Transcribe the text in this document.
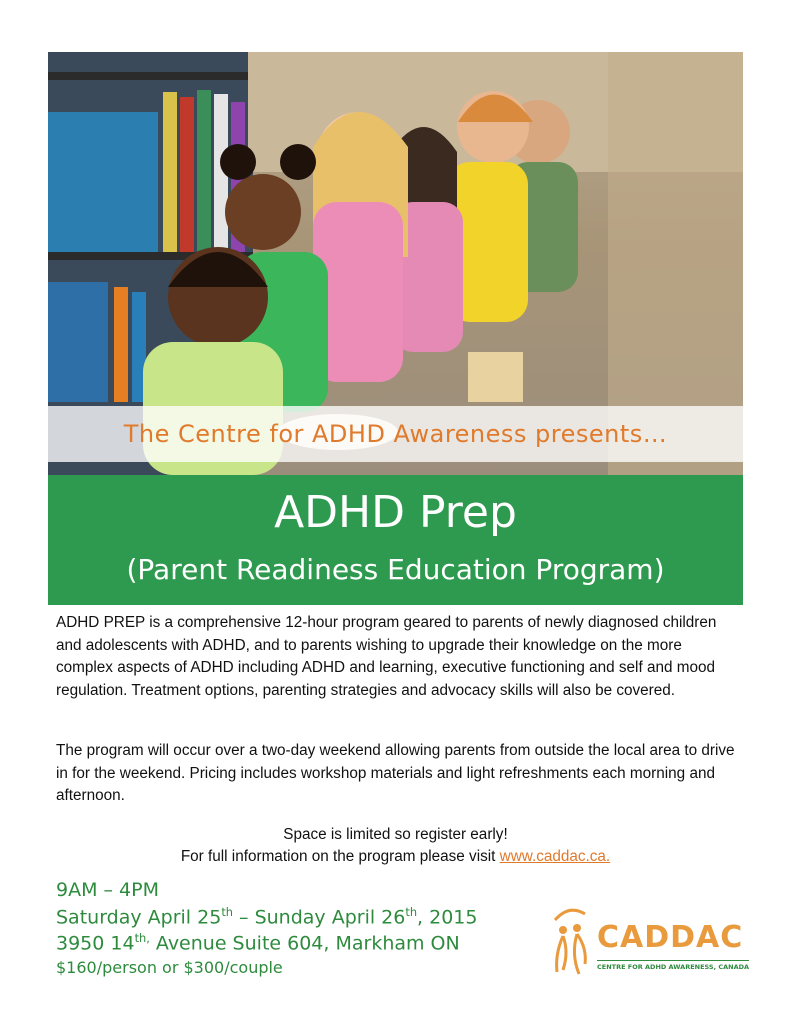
The Centre for ADHD Awareness presents…
ADHD Prep
(Parent Readiness Education Program)
ADHD PREP is a comprehensive 12-hour program geared to parents of newly diagnosed children and adolescents with ADHD, and to parents wishing to upgrade their knowledge on the more complex aspects of ADHD including ADHD and learning, executive functioning and self and mood regulation. Treatment options, parenting strategies and advocacy skills will also be covered.
The program will occur over a two-day weekend allowing parents from outside the local area to drive in for the weekend. Pricing includes workshop materials and light refreshments each morning and afternoon.
Space is limited so register early!
For full information on the program please visit www.caddac.ca.
9AM – 4PM
Saturday April 25th – Sunday April 26th, 2015
3950 $14^{th,}$ Avenue Suite 604, Markham ON
$160/person or $300/couple
CADDAC
CENTRE FOR ADHD AWARENESS, CANADA
